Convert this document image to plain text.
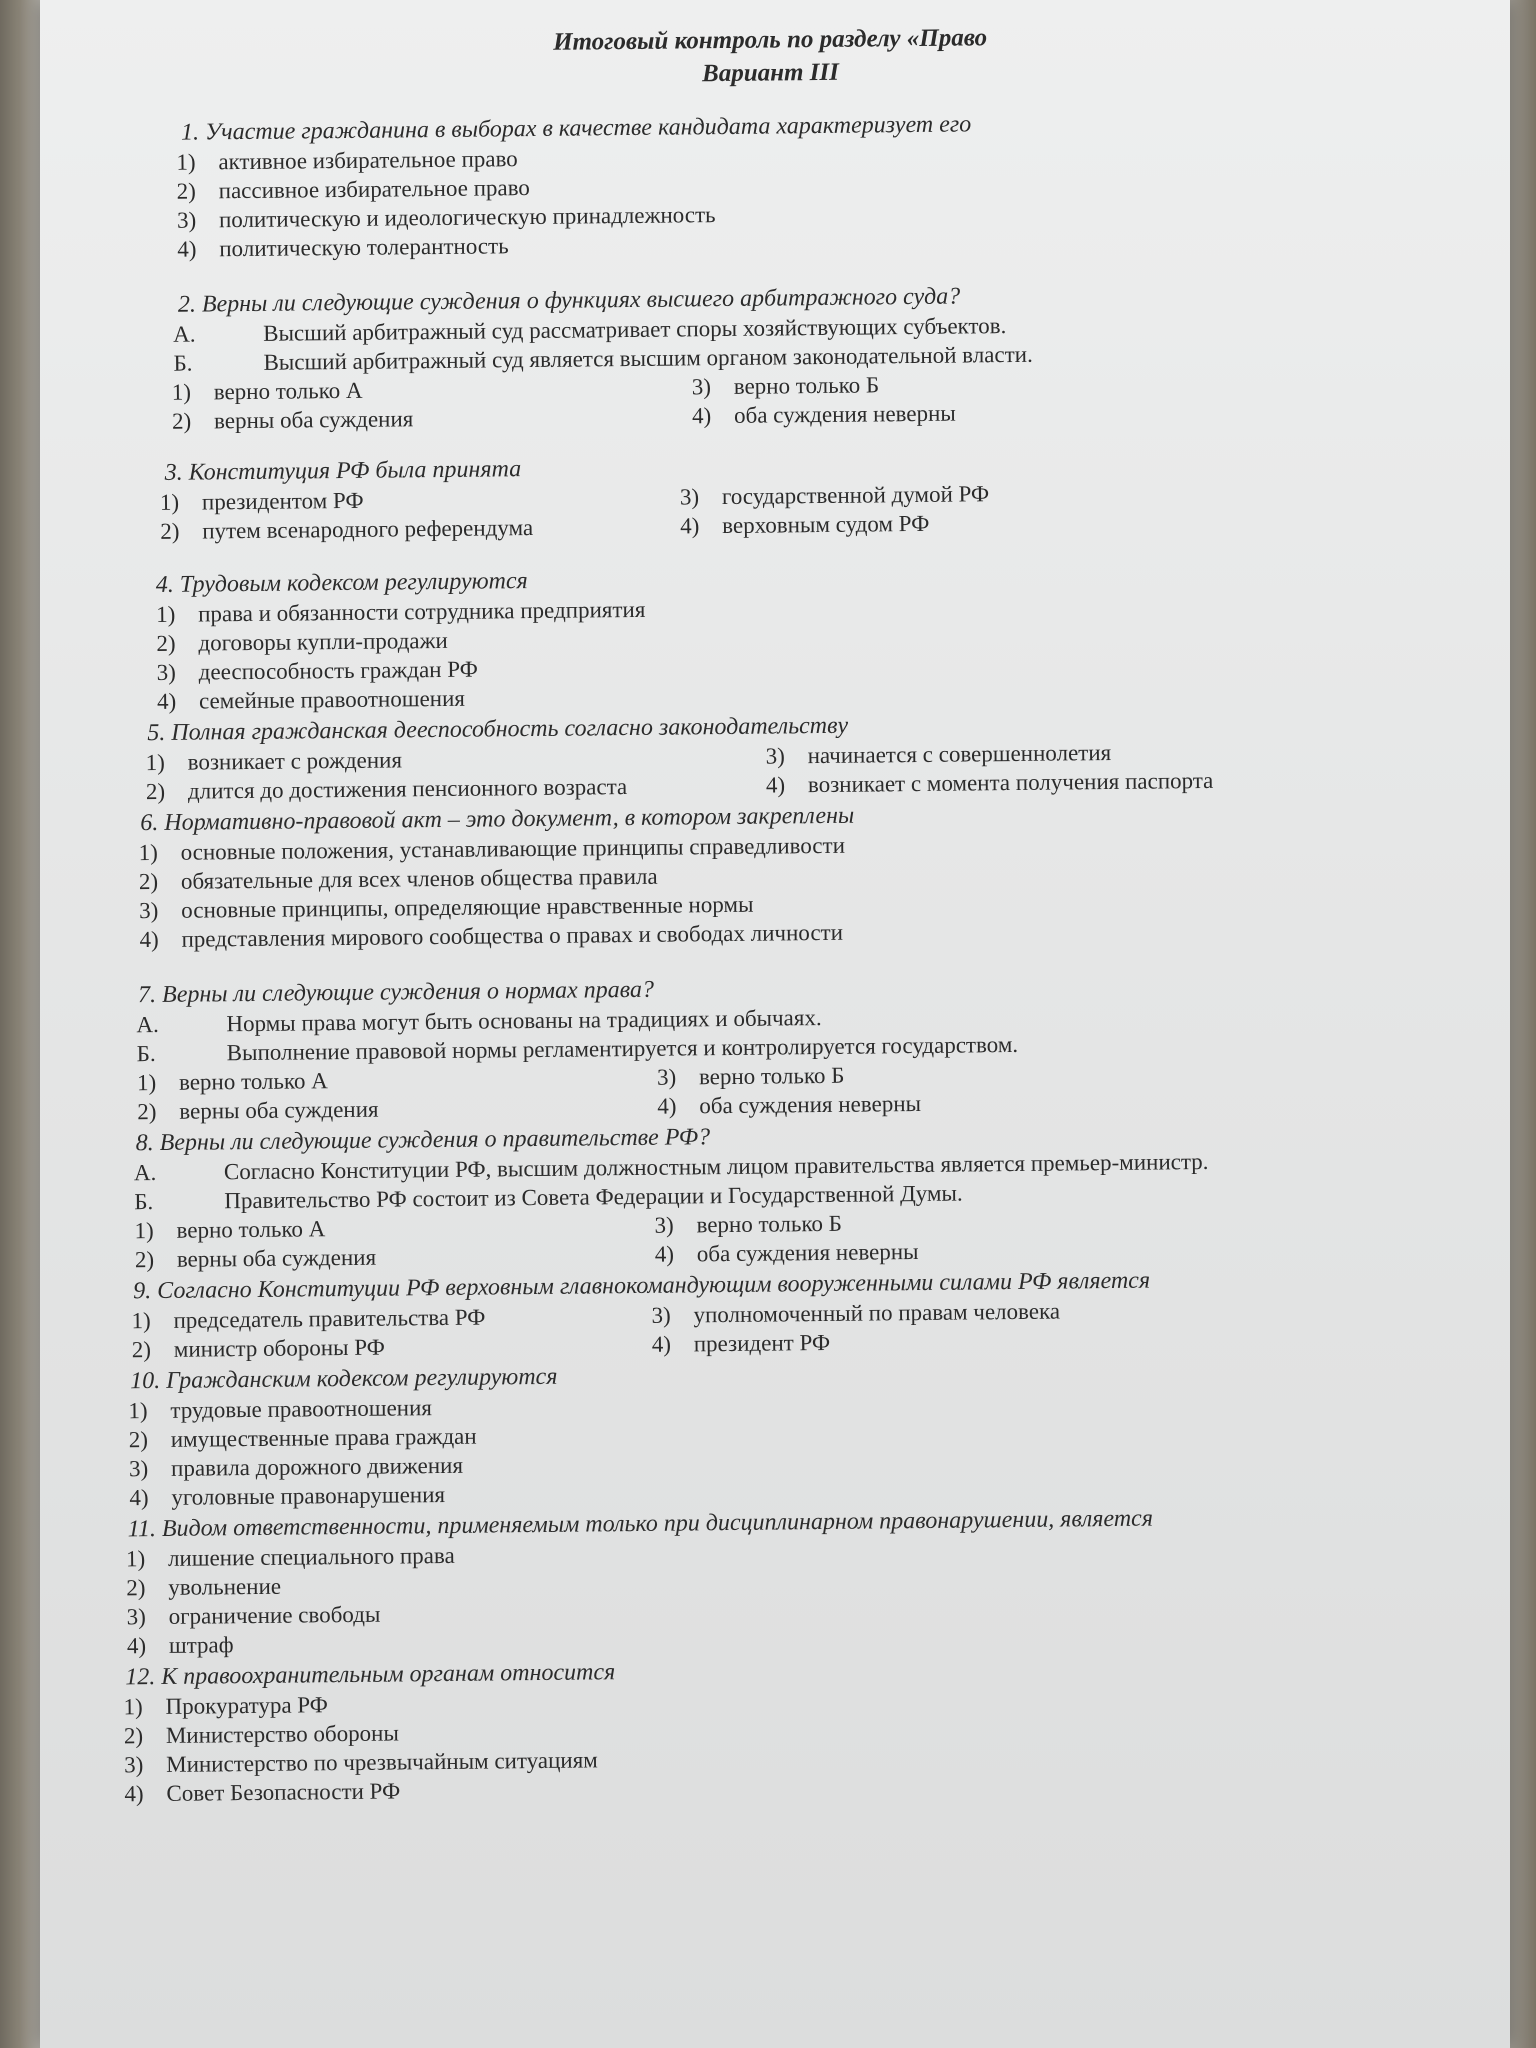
Итоговый контроль по разделу «Право
Вариант III
1. Участие гражданина в выборах в качестве кандидата характеризует его
1) активное избирательное право
2) пассивное избирательное право
3) политическую и идеологическую принадлежность
4) политическую толерантность
2. Верны ли следующие суждения о функциях высшего арбитражного суда?
А.	Высший арбитражный суд рассматривает споры хозяйствующих субъектов.
Б.	Высший арбитражный суд является высшим органом законодательной власти.
1) верно только А	3) верно только Б
2) верны оба суждения	4) оба суждения неверны
3. Конституция РФ была принята
1) президентом РФ	3) государственной думой РФ
2) путем всенародного референдума	4) верховным судом РФ
4. Трудовым кодексом регулируются
1) права и обязанности сотрудника предприятия
2) договоры купли-продажи
3) дееспособность граждан РФ
4) семейные правоотношения
5. Полная гражданская дееспособность согласно законодательству
1) возникает с рождения	3) начинается с совершеннолетия
2) длится до достижения пенсионного возраста	4) возникает с момента получения паспорта
6. Нормативно-правовой акт – это документ, в котором закреплены
1) основные положения, устанавливающие принципы справедливости
2) обязательные для всех членов общества правила
3) основные принципы, определяющие нравственные нормы
4) представления мирового сообщества о правах и свободах личности
7. Верны ли следующие суждения о нормах права?
А.	Нормы права могут быть основаны на традициях и обычаях.
Б.	Выполнение правовой нормы регламентируется и контролируется государством.
1) верно только А	3) верно только Б
2) верны оба суждения	4) оба суждения неверны
8. Верны ли следующие суждения о правительстве РФ?
А.	Согласно Конституции РФ, высшим должностным лицом правительства является премьер-министр.
Б.	Правительство РФ состоит из Совета Федерации и Государственной Думы.
1) верно только А	3) верно только Б
2) верны оба суждения	4) оба суждения неверны
9. Согласно Конституции РФ верховным главнокомандующим вооруженными силами РФ является
1) председатель правительства РФ	3) уполномоченный по правам человека
2) министр обороны РФ	4) президент РФ
10. Гражданским кодексом регулируются
1) трудовые правоотношения
2) имущественные права граждан
3) правила дорожного движения
4) уголовные правонарушения
11. Видом ответственности, применяемым только при дисциплинарном правонарушении, является
1) лишение специального права
2) увольнение
3) ограничение свободы
4) штраф
12. К правоохранительным органам относится
1) Прокуратура РФ
2) Министерство обороны
3) Министерство по чрезвычайным ситуациям
4) Совет Безопасности РФ
